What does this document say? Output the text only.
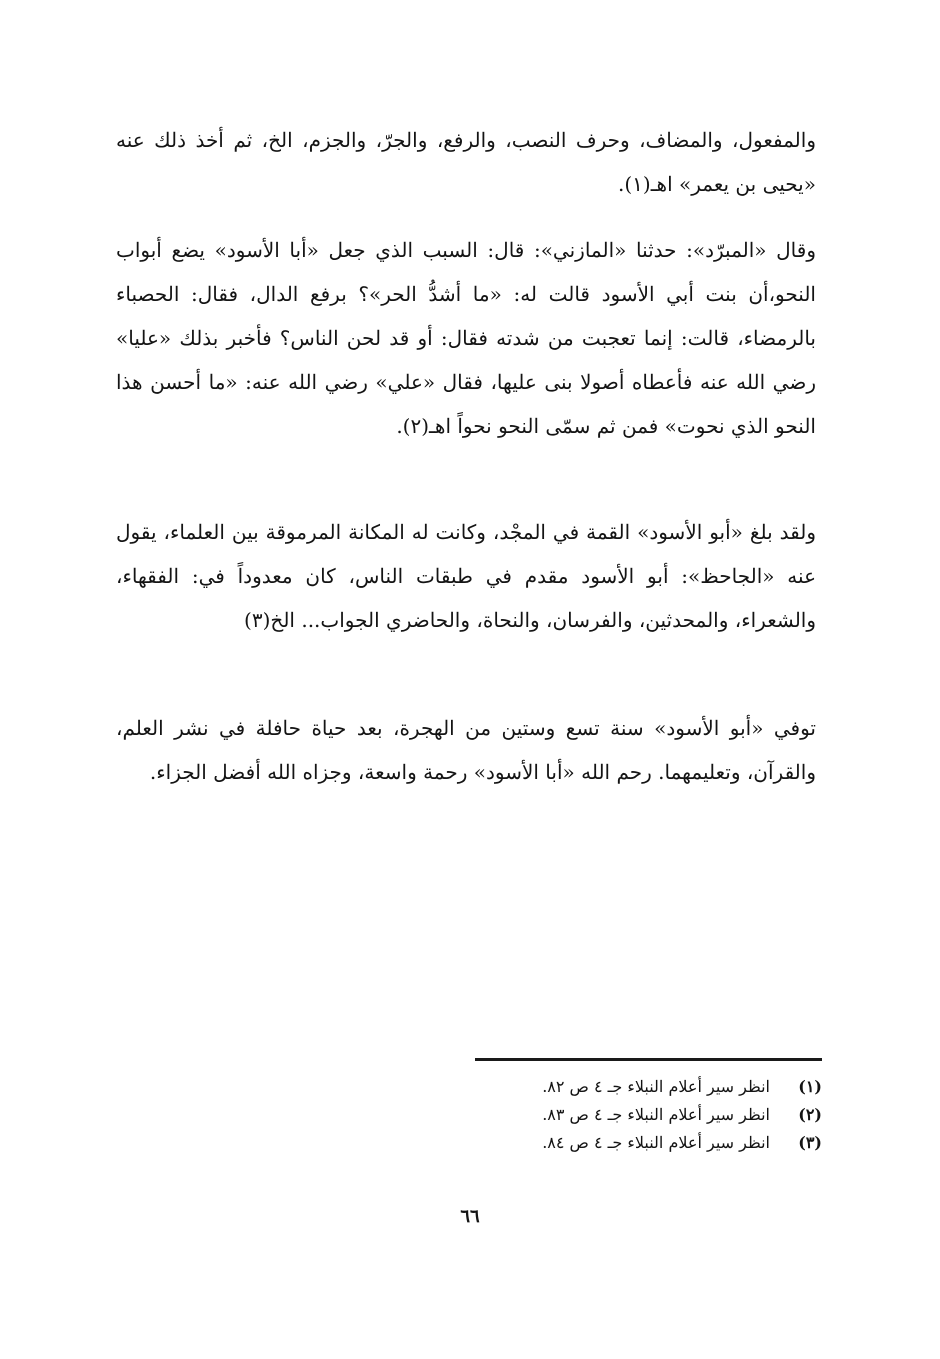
والمفعول، والمضاف، وحرف النصب، والرفع، والجرّ، والجزم، الخ، ثم أخذ ذلك عنه «يحيى بن يعمر» اهـ(١).

وقال «المبرّد»: حدثنا «المازني»: قال: السبب الذي جعل «أبا الأسود» يضع أبواب النحو،أن بنت أبي الأسود قالت له: «ما أشدُّ الحر»؟ برفع الدال، فقال: الحصباء بالرمضاء، قالت: إنما تعجبت من شدته فقال: أو قد لحن الناس؟ فأخبر بذلك «عليا» رضي الله عنه فأعطاه أصولا بنى عليها، فقال «علي» رضي الله عنه: «ما أحسن هذا النحو الذي نحوت» فمن ثم سمّى النحو نحواً اهـ(٢).

ولقد بلغ «أبو الأسود» القمة في المجْد، وكانت له المكانة المرموقة بين العلماء، يقول عنه «الجاحظ»: أبو الأسود مقدم في طبقات الناس، كان معدوداً في: الفقهاء، والشعراء، والمحدثين، والفرسان، والنحاة، والحاضري الجواب... الخ(٣)

توفي «أبو الأسود» سنة تسع وستين من الهجرة، بعد حياة حافلة في نشر العلم، والقرآن، وتعليمهما. رحم الله «أبا الأسود» رحمة واسعة، وجزاه الله أفضل الجزاء.

(١)
انظر سير أعلام النبلاء جـ ٤ ص ٨٢.
(٢)
انظر سير أعلام النبلاء جـ ٤ ص ٨٣.
(٣)
انظر سير أعلام النبلاء جـ ٤ ص ٨٤.
٦٦
